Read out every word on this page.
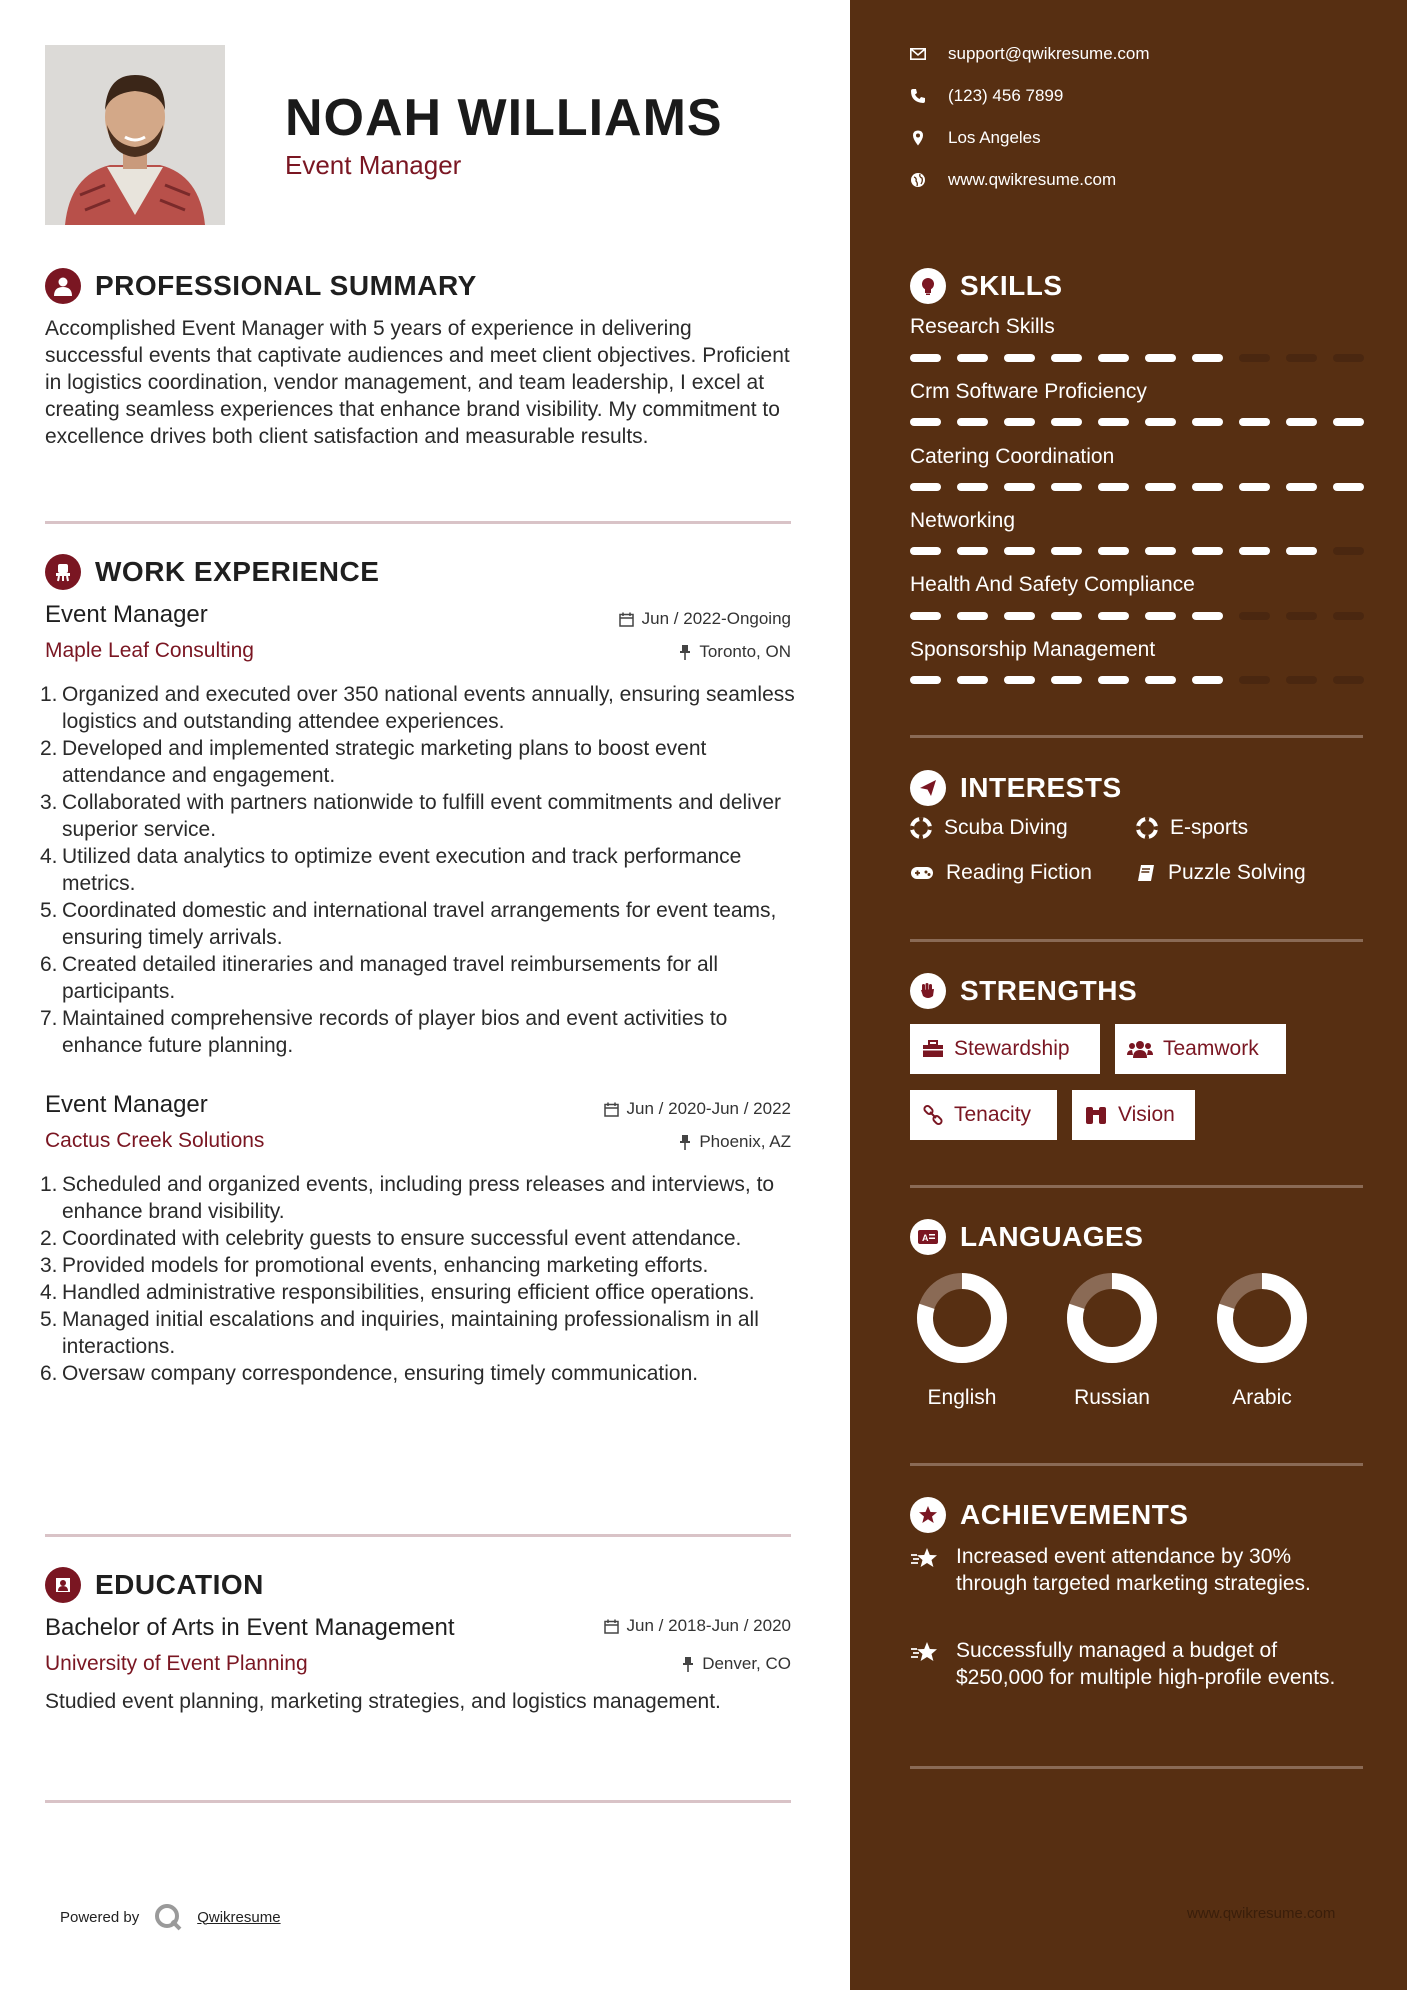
NOAH WILLIAMS
Event Manager
PROFESSIONAL SUMMARY
Accomplished Event Manager with 5 years of experience in delivering successful events that captivate audiences and meet client objectives. Proficient in logistics coordination, vendor management, and team leadership, I excel at creating seamless experiences that enhance brand visibility. My commitment to excellence drives both client satisfaction and measurable results.
WORK EXPERIENCE
Event Manager	Jun / 2022-Ongoing
Maple Leaf Consulting	Toronto, ON
1. Organized and executed over 350 national events annually, ensuring seamless logistics and outstanding attendee experiences.
2. Developed and implemented strategic marketing plans to boost event attendance and engagement.
3. Collaborated with partners nationwide to fulfill event commitments and deliver superior service.
4. Utilized data analytics to optimize event execution and track performance metrics.
5. Coordinated domestic and international travel arrangements for event teams, ensuring timely arrivals.
6. Created detailed itineraries and managed travel reimbursements for all participants.
7. Maintained comprehensive records of player bios and event activities to enhance future planning.
Event Manager	Jun / 2020-Jun / 2022
Cactus Creek Solutions	Phoenix, AZ
1. Scheduled and organized events, including press releases and interviews, to enhance brand visibility.
2. Coordinated with celebrity guests to ensure successful event attendance.
3. Provided models for promotional events, enhancing marketing efforts.
4. Handled administrative responsibilities, ensuring efficient office operations.
5. Managed initial escalations and inquiries, maintaining professionalism in all interactions.
6. Oversaw company correspondence, ensuring timely communication.
EDUCATION
Bachelor of Arts in Event Management	Jun / 2018-Jun / 2020
University of Event Planning	Denver, CO
Studied event planning, marketing strategies, and logistics management.
Powered by	Qwikresume
support@qwikresume.com
(123) 456 7899
Los Angeles
www.qwikresume.com
SKILLS
Research Skills
Crm Software Proficiency
Catering Coordination
Networking
Health And Safety Compliance
Sponsorship Management
INTERESTS
Scuba Diving	E-sports
Reading Fiction	Puzzle Solving
STRENGTHS
Stewardship	Teamwork
Tenacity	Vision
A LANGUAGES
English	Russian	Arabic
ACHIEVEMENTS
Increased event attendance by 30% through targeted marketing strategies.
Successfully managed a budget of $250,000 for multiple high-profile events.
www.qwikresume.com
